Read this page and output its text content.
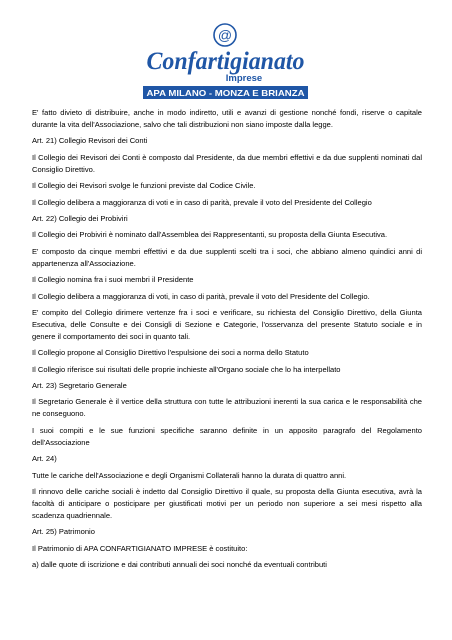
@
Confartigianato
Imprese
APA MILANO - MONZA E BRIANZA

E' fatto divieto di distribuire, anche in modo indiretto, utili e avanzi di gestione nonché fondi, riserve o capitale durante la vita dell'Associazione, salvo che tali distribuzioni non siano imposte dalla legge.

Art. 21) Collegio Revisori dei Conti

Il Collegio dei Revisori dei Conti è composto dal Presidente, da due membri effettivi e da due supplenti nominati dal Consiglio Direttivo.

Il Collegio dei Revisori svolge le funzioni previste dal Codice Civile.

Il Collegio delibera a maggioranza di voti e in caso di parità, prevale il voto del Presidente del Collegio

Art. 22) Collegio dei Probiviri

Il Collegio dei Probiviri è nominato dall'Assemblea dei Rappresentanti, su proposta della Giunta Esecutiva.

E' composto da cinque membri effettivi e da due supplenti scelti tra i soci, che abbiano almeno quindici anni di appartenenza all'Associazione.

Il Collegio nomina fra i suoi membri il Presidente

Il Collegio delibera a maggioranza di voti, in caso di parità, prevale il voto del Presidente del Collegio.

E' compito del Collegio dirimere vertenze fra i soci e verificare, su richiesta del Consiglio Direttivo, della Giunta Esecutiva, delle Consulte e dei Consigli di Sezione e Categorie, l'osservanza del presente Statuto sociale e in genere il comportamento dei soci in quanto tali.

Il Collegio propone al Consiglio Direttivo l'espulsione dei soci a norma dello Statuto

Il Collegio riferisce sui risultati delle proprie inchieste all'Organo sociale che lo ha interpellato

Art. 23) Segretario Generale

Il Segretario Generale è il vertice della struttura con tutte le attribuzioni inerenti la sua carica e le responsabilità che ne conseguono.

I suoi compiti e le sue funzioni specifiche saranno definite in un apposito paragrafo del Regolamento dell'Associazione

Art. 24)

Tutte le cariche dell'Associazione e degli Organismi Collaterali hanno la durata di quattro anni.

Il rinnovo delle cariche sociali è indetto dal Consiglio Direttivo il quale, su proposta della Giunta esecutiva, avrà la facoltà di anticipare o posticipare per giustificati motivi per un periodo non superiore a sei mesi rispetto alla scadenza quadriennale.

Art. 25) Patrimonio

Il Patrimonio di APA CONFARTIGIANATO IMPRESE è costituito:

a) dalle quote di iscrizione e dai contributi annuali dei soci nonché da eventuali contributi
